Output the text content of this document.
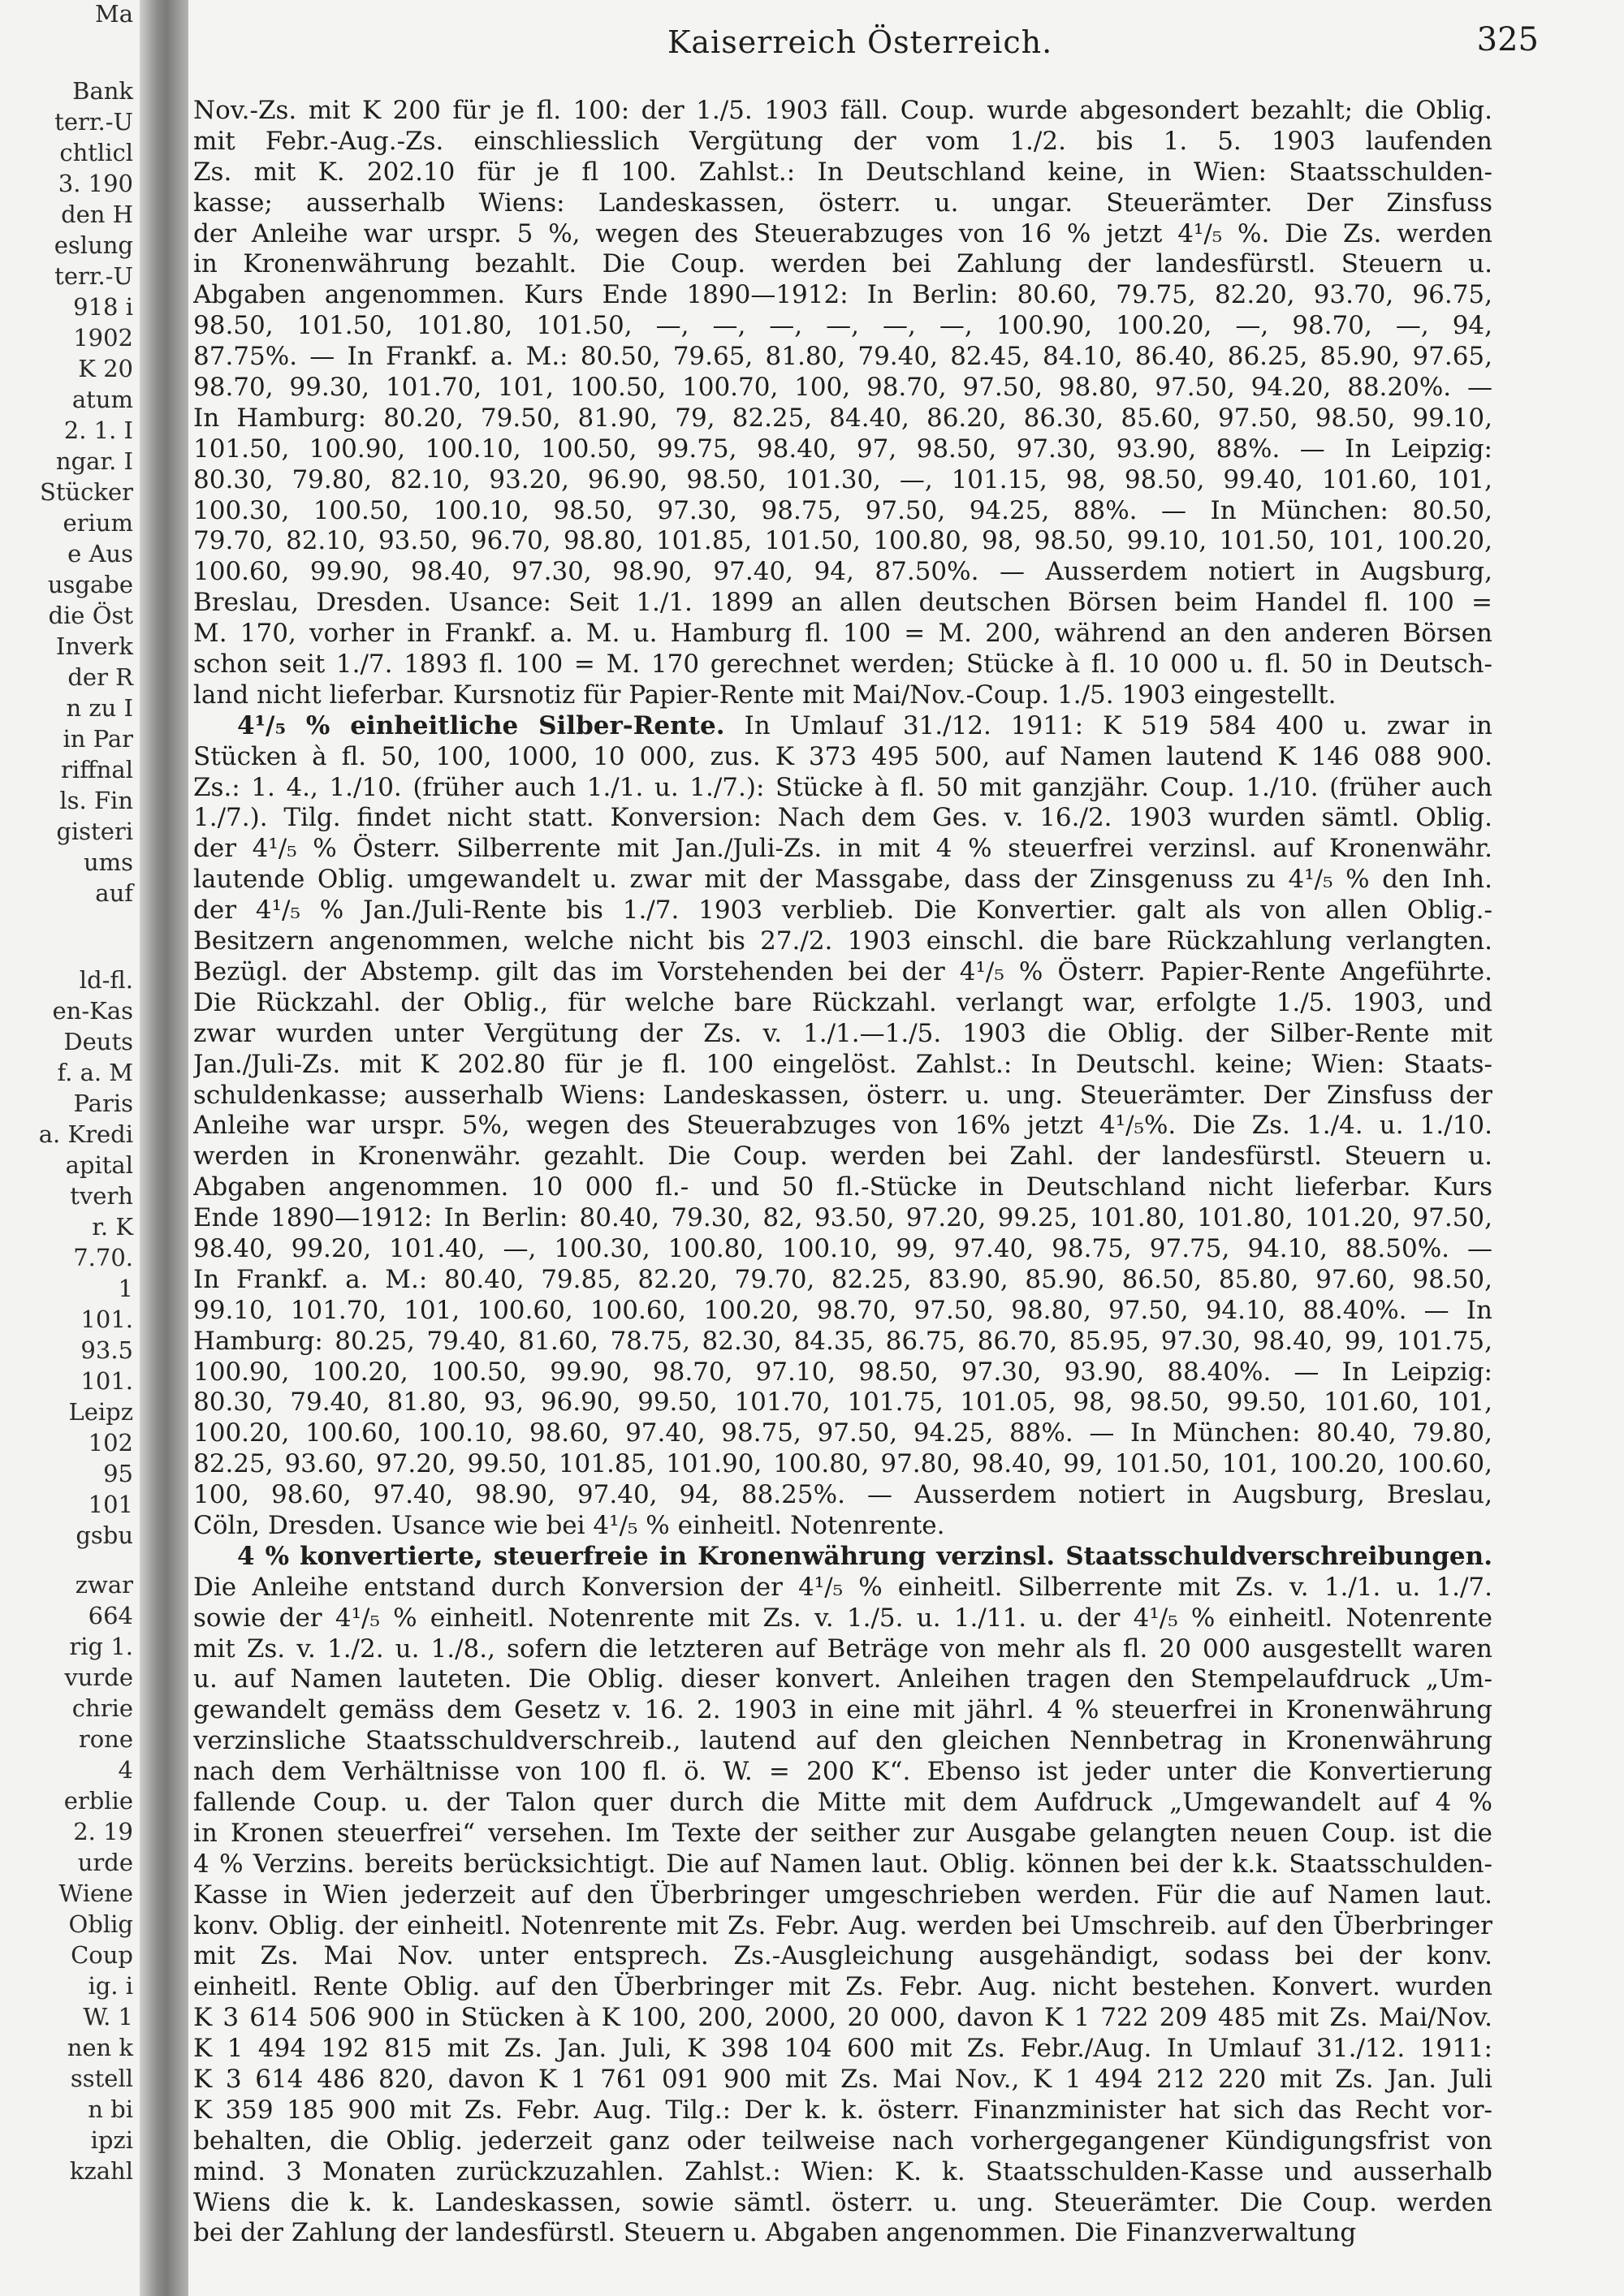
Bank
terr.-U
chtlicl
3. 190
den H
eslung
terr.-U
918 i
1902
K 20
atum
2. 1. I
ngar. I
Stücker
erium
e Aus
usgabe
die Öst
Inverk
der R
n zu I
in Par
riffnal
ls. Fin
gisteri
ums
auf
ld-fl.
en-Kas
Deuts
f. a. M
Paris
a. Kredi
apital
tverh
r. K
7.70.
1
101.
93.5
101.
Leipz
102
95
101
gsbu
zwar
664
rig 1.
vurde
chrie
rone
4
erblie
2. 19
urde
Wiene
Oblig
Coup
ig. i
W. 1
nen k
sstell
n bi
ipzi
kzahl
Ma
Kaiserreich Österreich.	325
Nov.-Zs. mit K 200 für je fl. 100: der 1./5. 1903 fäll. Coup. wurde abgesondert bezahlt; die Oblig.
mit Febr.-Aug.-Zs. einschliesslich Vergütung der vom 1./2. bis 1. 5. 1903 laufenden
Zs. mit K. 202.10 für je fl 100. Zahlst.: In Deutschland keine, in Wien: Staatsschulden-
kasse; ausserhalb Wiens: Landeskassen, österr. u. ungar. Steuerämter. Der Zinsfuss
der Anleihe war urspr. 5 %, wegen des Steuerabzuges von 16 % jetzt 4¹/₅ %. Die Zs. werden
in Kronenwährung bezahlt. Die Coup. werden bei Zahlung der landesfürstl. Steuern u.
Abgaben angenommen. Kurs Ende 1890—1912: In Berlin: 80.60, 79.75, 82.20, 93.70, 96.75,
98.50, 101.50, 101.80, 101.50, —, —, —, —, —, —, 100.90, 100.20, —, 98.70, —, 94,
87.75%. — In Frankf. a. M.: 80.50, 79.65, 81.80, 79.40, 82.45, 84.10, 86.40, 86.25, 85.90, 97.65,
98.70, 99.30, 101.70, 101, 100.50, 100.70, 100, 98.70, 97.50, 98.80, 97.50, 94.20, 88.20%. —
In Hamburg: 80.20, 79.50, 81.90, 79, 82.25, 84.40, 86.20, 86.30, 85.60, 97.50, 98.50, 99.10,
101.50, 100.90, 100.10, 100.50, 99.75, 98.40, 97, 98.50, 97.30, 93.90, 88%. — In Leipzig:
80.30, 79.80, 82.10, 93.20, 96.90, 98.50, 101.30, —, 101.15, 98, 98.50, 99.40, 101.60, 101,
100.30, 100.50, 100.10, 98.50, 97.30, 98.75, 97.50, 94.25, 88%. — In München: 80.50,
79.70, 82.10, 93.50, 96.70, 98.80, 101.85, 101.50, 100.80, 98, 98.50, 99.10, 101.50, 101, 100.20,
100.60, 99.90, 98.40, 97.30, 98.90, 97.40, 94, 87.50%. — Ausserdem notiert in Augsburg,
Breslau, Dresden. Usance: Seit 1./1. 1899 an allen deutschen Börsen beim Handel fl. 100 =
M. 170, vorher in Frankf. a. M. u. Hamburg fl. 100 = M. 200, während an den anderen Börsen
schon seit 1./7. 1893 fl. 100 = M. 170 gerechnet werden; Stücke à fl. 10 000 u. fl. 50 in Deutsch-
land nicht lieferbar. Kursnotiz für Papier-Rente mit Mai/Nov.-Coup. 1./5. 1903 eingestellt.
4¹/₅ % einheitliche Silber-Rente. In Umlauf 31./12. 1911: K 519 584 400 u. zwar in
Stücken à fl. 50, 100, 1000, 10 000, zus. K 373 495 500, auf Namen lautend K 146 088 900.
Zs.: 1. 4., 1./10. (früher auch 1./1. u. 1./7.): Stücke à fl. 50 mit ganzjähr. Coup. 1./10. (früher auch
1./7.). Tilg. findet nicht statt. Konversion: Nach dem Ges. v. 16./2. 1903 wurden sämtl. Oblig.
der 4¹/₅ % Österr. Silberrente mit Jan./Juli-Zs. in mit 4 % steuerfrei verzinsl. auf Kronenwähr.
lautende Oblig. umgewandelt u. zwar mit der Massgabe, dass der Zinsgenuss zu 4¹/₅ % den Inh.
der 4¹/₅ % Jan./Juli-Rente bis 1./7. 1903 verblieb. Die Konvertier. galt als von allen Oblig.-
Besitzern angenommen, welche nicht bis 27./2. 1903 einschl. die bare Rückzahlung verlangten.
Bezügl. der Abstemp. gilt das im Vorstehenden bei der 4¹/₅ % Österr. Papier-Rente Angeführte.
Die Rückzahl. der Oblig., für welche bare Rückzahl. verlangt war, erfolgte 1./5. 1903, und
zwar wurden unter Vergütung der Zs. v. 1./1.—1./5. 1903 die Oblig. der Silber-Rente mit
Jan./Juli-Zs. mit K 202.80 für je fl. 100 eingelöst. Zahlst.: In Deutschl. keine; Wien: Staats-
schuldenkasse; ausserhalb Wiens: Landeskassen, österr. u. ung. Steuerämter. Der Zinsfuss der
Anleihe war urspr. 5%, wegen des Steuerabzuges von 16% jetzt 4¹/₅%. Die Zs. 1./4. u. 1./10.
werden in Kronenwähr. gezahlt. Die Coup. werden bei Zahl. der landesfürstl. Steuern u.
Abgaben angenommen. 10 000 fl.- und 50 fl.-Stücke in Deutschland nicht lieferbar. Kurs
Ende 1890—1912: In Berlin: 80.40, 79.30, 82, 93.50, 97.20, 99.25, 101.80, 101.80, 101.20, 97.50,
98.40, 99.20, 101.40, —, 100.30, 100.80, 100.10, 99, 97.40, 98.75, 97.75, 94.10, 88.50%. —
In Frankf. a. M.: 80.40, 79.85, 82.20, 79.70, 82.25, 83.90, 85.90, 86.50, 85.80, 97.60, 98.50,
99.10, 101.70, 101, 100.60, 100.60, 100.20, 98.70, 97.50, 98.80, 97.50, 94.10, 88.40%. — In
Hamburg: 80.25, 79.40, 81.60, 78.75, 82.30, 84.35, 86.75, 86.70, 85.95, 97.30, 98.40, 99, 101.75,
100.90, 100.20, 100.50, 99.90, 98.70, 97.10, 98.50, 97.30, 93.90, 88.40%. — In Leipzig:
80.30, 79.40, 81.80, 93, 96.90, 99.50, 101.70, 101.75, 101.05, 98, 98.50, 99.50, 101.60, 101,
100.20, 100.60, 100.10, 98.60, 97.40, 98.75, 97.50, 94.25, 88%. — In München: 80.40, 79.80,
82.25, 93.60, 97.20, 99.50, 101.85, 101.90, 100.80, 97.80, 98.40, 99, 101.50, 101, 100.20, 100.60,
100, 98.60, 97.40, 98.90, 97.40, 94, 88.25%. — Ausserdem notiert in Augsburg, Breslau,
Cöln, Dresden. Usance wie bei 4¹/₅ % einheitl. Notenrente.
4 % konvertierte, steuerfreie in Kronenwährung verzinsl. Staatsschuldverschreibungen.
Die Anleihe entstand durch Konversion der 4¹/₅ % einheitl. Silberrente mit Zs. v. 1./1. u. 1./7.
sowie der 4¹/₅ % einheitl. Notenrente mit Zs. v. 1./5. u. 1./11. u. der 4¹/₅ % einheitl. Notenrente
mit Zs. v. 1./2. u. 1./8., sofern die letzteren auf Beträge von mehr als fl. 20 000 ausgestellt waren
u. auf Namen lauteten. Die Oblig. dieser konvert. Anleihen tragen den Stempelaufdruck „Um-
gewandelt gemäss dem Gesetz v. 16. 2. 1903 in eine mit jährl. 4 % steuerfrei in Kronenwährung
verzinsliche Staatsschuldverschreib., lautend auf den gleichen Nennbetrag in Kronenwährung
nach dem Verhältnisse von 100 fl. ö. W. = 200 K“. Ebenso ist jeder unter die Konvertierung
fallende Coup. u. der Talon quer durch die Mitte mit dem Aufdruck „Umgewandelt auf 4 %
in Kronen steuerfrei“ versehen. Im Texte der seither zur Ausgabe gelangten neuen Coup. ist die
4 % Verzins. bereits berücksichtigt. Die auf Namen laut. Oblig. können bei der k.k. Staatsschulden-
Kasse in Wien jederzeit auf den Überbringer umgeschrieben werden. Für die auf Namen laut.
konv. Oblig. der einheitl. Notenrente mit Zs. Febr. Aug. werden bei Umschreib. auf den Überbringer
mit Zs. Mai Nov. unter entsprech. Zs.-Ausgleichung ausgehändigt, sodass bei der konv.
einheitl. Rente Oblig. auf den Überbringer mit Zs. Febr. Aug. nicht bestehen. Konvert. wurden
K 3 614 506 900 in Stücken à K 100, 200, 2000, 20 000, davon K 1 722 209 485 mit Zs. Mai/Nov.
K 1 494 192 815 mit Zs. Jan. Juli, K 398 104 600 mit Zs. Febr./Aug. In Umlauf 31./12. 1911:
K 3 614 486 820, davon K 1 761 091 900 mit Zs. Mai Nov., K 1 494 212 220 mit Zs. Jan. Juli
K 359 185 900 mit Zs. Febr. Aug. Tilg.: Der k. k. österr. Finanzminister hat sich das Recht vor-
behalten, die Oblig. jederzeit ganz oder teilweise nach vorhergegangener Kündigungsfrist von
mind. 3 Monaten zurückzuzahlen. Zahlst.: Wien: K. k. Staatsschulden-Kasse und ausserhalb
Wiens die k. k. Landeskassen, sowie sämtl. österr. u. ung. Steuerämter. Die Coup. werden
bei der Zahlung der landesfürstl. Steuern u. Abgaben angenommen. Die Finanzverwaltung
